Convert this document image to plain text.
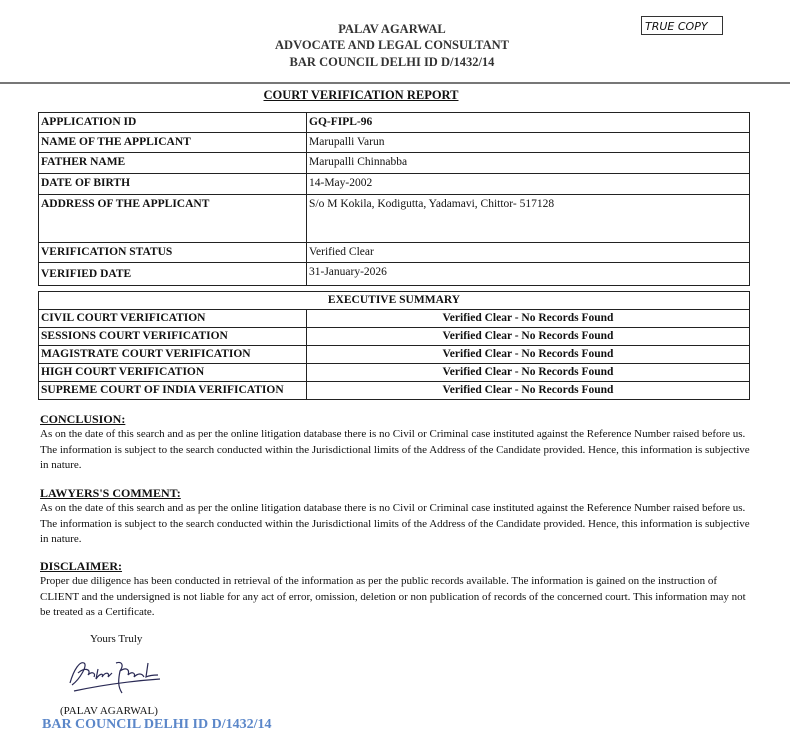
PALAV AGARWAL
ADVOCATE AND LEGAL CONSULTANT
BAR COUNCIL DELHI ID D/1432/14
TRUE COPY
COURT VERIFICATION REPORT
APPLICATION ID	GQ-FIPL-96
NAME OF THE APPLICANT	Marupalli Varun
FATHER NAME	Marupalli Chinnabba
DATE OF BIRTH	14-May-2002
ADDRESS OF THE APPLICANT	S/o M Kokila, Kodigutta, Yadamavi, Chittor- 517128
VERIFICATION STATUS	Verified Clear
VERIFIED DATE	31-January-2026
EXECUTIVE SUMMARY	
CIVIL COURT VERIFICATION	Verified Clear - No Records Found
SESSIONS COURT VERIFICATION	Verified Clear - No Records Found
MAGISTRATE COURT VERIFICATION	Verified Clear - No Records Found
HIGH COURT VERIFICATION	Verified Clear - No Records Found
SUPREME COURT OF INDIA VERIFICATION	Verified Clear - No Records Found
CONCLUSION:

As on the date of this search and as per the online litigation database there is no Civil or Criminal case instituted against the Reference Number raised before us. The information is subject to the search conducted within the Jurisdictional limits of the Address of the Candidate provided. Hence, this information is subjective in nature.

LAWYERS'S COMMENT:

As on the date of this search and as per the online litigation database there is no Civil or Criminal case instituted against the Reference Number raised before us. The information is subject to the search conducted within the Jurisdictional limits of the Address of the Candidate provided. Hence, this information is subjective in nature.

DISCLAIMER:

Proper due diligence has been conducted in retrieval of the information as per the public records available. The information is gained on the instruction of CLIENT and the undersigned is not liable for any act of error, omission, deletion or non publication of records of the concerned court. This information may not be treated as a Certificate.

Yours Truly
(PALAV AGARWAL)
BAR COUNCIL DELHI ID D/1432/14
